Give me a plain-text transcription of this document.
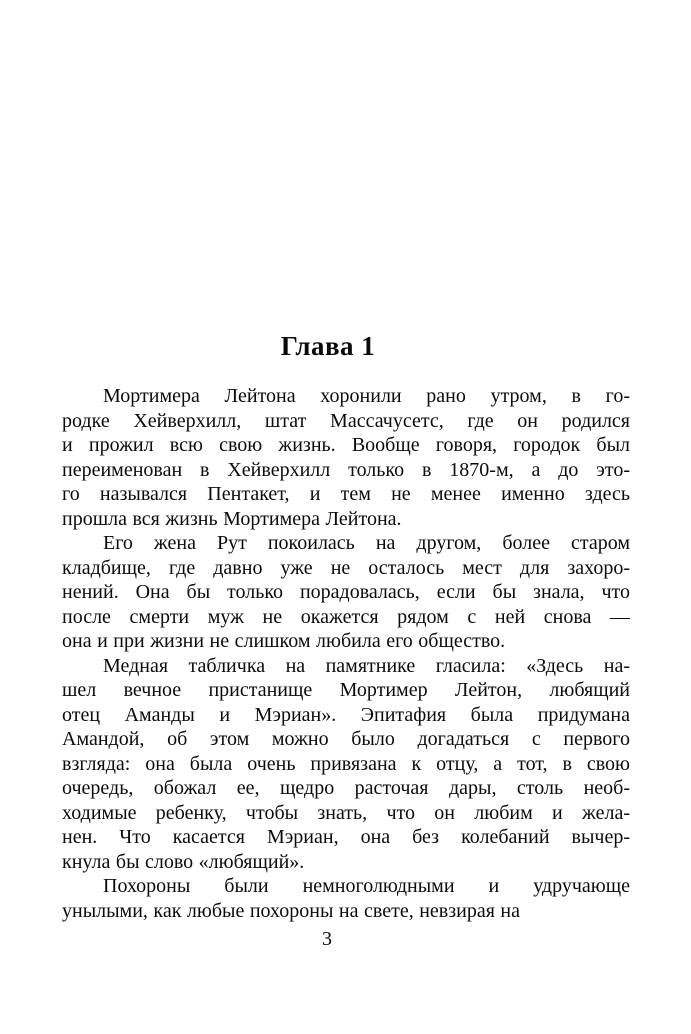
Глава 1
Мортимера Лейтона хоронили рано утром, в го-
родке Хейверхилл, штат Массачусетс, где он родился
и прожил всю свою жизнь. Вообще говоря, городок был
переименован в Хейверхилл только в 1870-м, а до это-
го назывался Пентакет, и тем не менее именно здесь
прошла вся жизнь Мортимера Лейтона.
Его жена Рут покоилась на другом, более старом
кладбище, где давно уже не осталось мест для захоро-
нений. Она бы только порадовалась, если бы знала, что
после смерти муж не окажется рядом с ней снова —
она и при жизни не слишком любила его общество.
Медная табличка на памятнике гласила: «Здесь на-
шел вечное пристанище Мортимер Лейтон, любящий
отец Аманды и Мэриан». Эпитафия была придумана
Амандой, об этом можно было догадаться с первого
взгляда: она была очень привязана к отцу, а тот, в свою
очередь, обожал ее, щедро расточая дары, столь необ-
ходимые ребенку, чтобы знать, что он любим и жела-
нен. Что касается Мэриан, она без колебаний вычер-
кнула бы слово «любящий».
Похороны были немноголюдными и удручающе
унылыми, как любые похороны на свете, невзирая на
3
